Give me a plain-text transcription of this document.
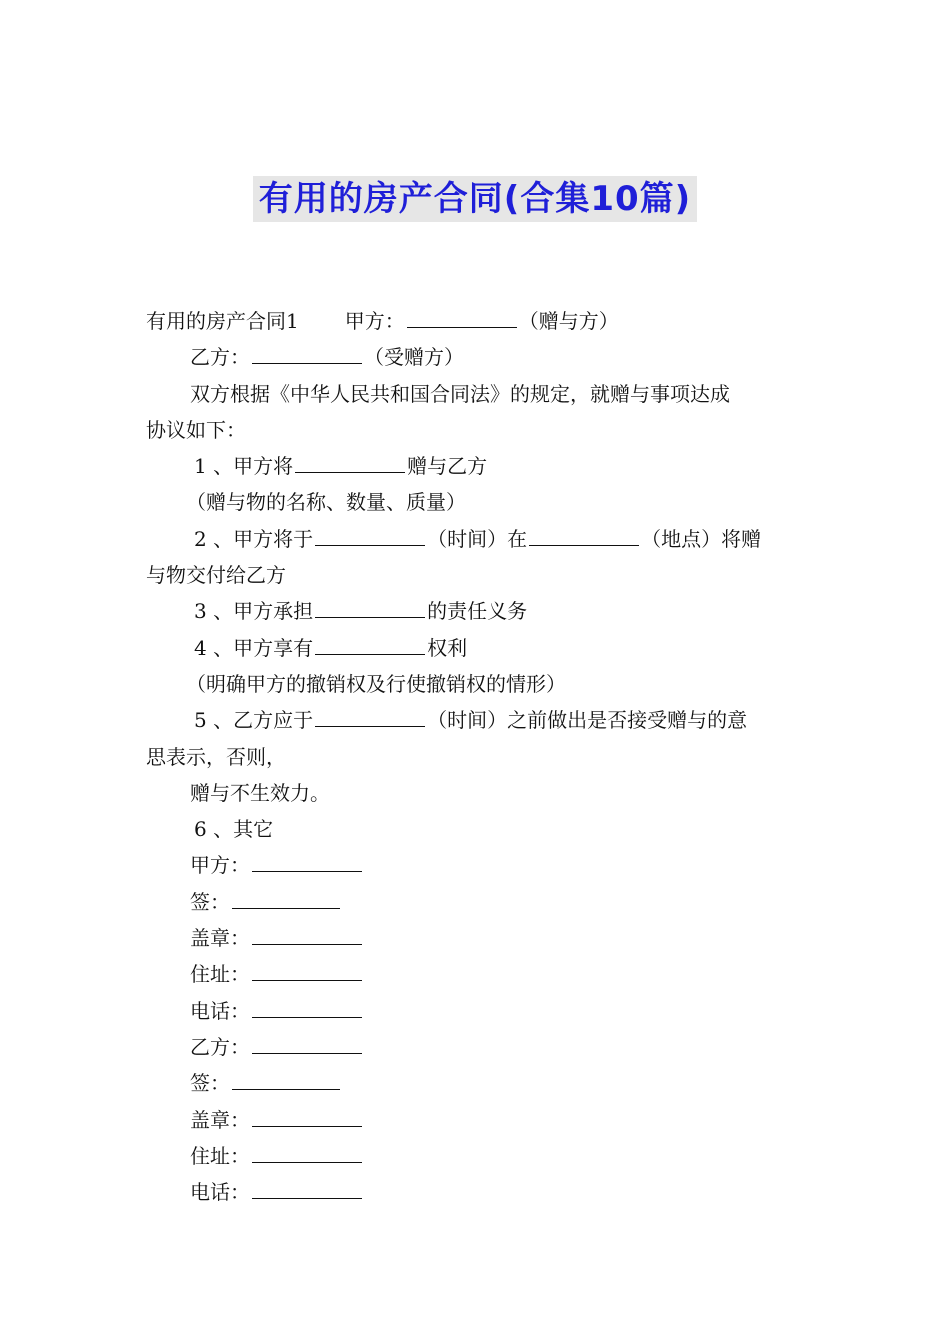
有用的房产合同(合集10篇)
有用的房产合同1 甲方：	（赠与方）
乙方：	（受赠方）
双方根据《中华人民共和国合同法》的规定，就赠与事项达成
协议如下：
1 、甲方将	赠与乙方
（赠与物的名称、数量、质量）
2 、甲方将于	（时间）在	（地点）将赠
与物交付给乙方
3 、甲方承担	的责任义务
4 、甲方享有	权利
（明确甲方的撤销权及行使撤销权的情形）
5 、乙方应于	（时间）之前做出是否接受赠与的意
思表示，否则，
赠与不生效力。
6 、其它
甲方：
签：
盖章：
住址：
电话：
乙方：
签：
盖章：
住址：
电话：
